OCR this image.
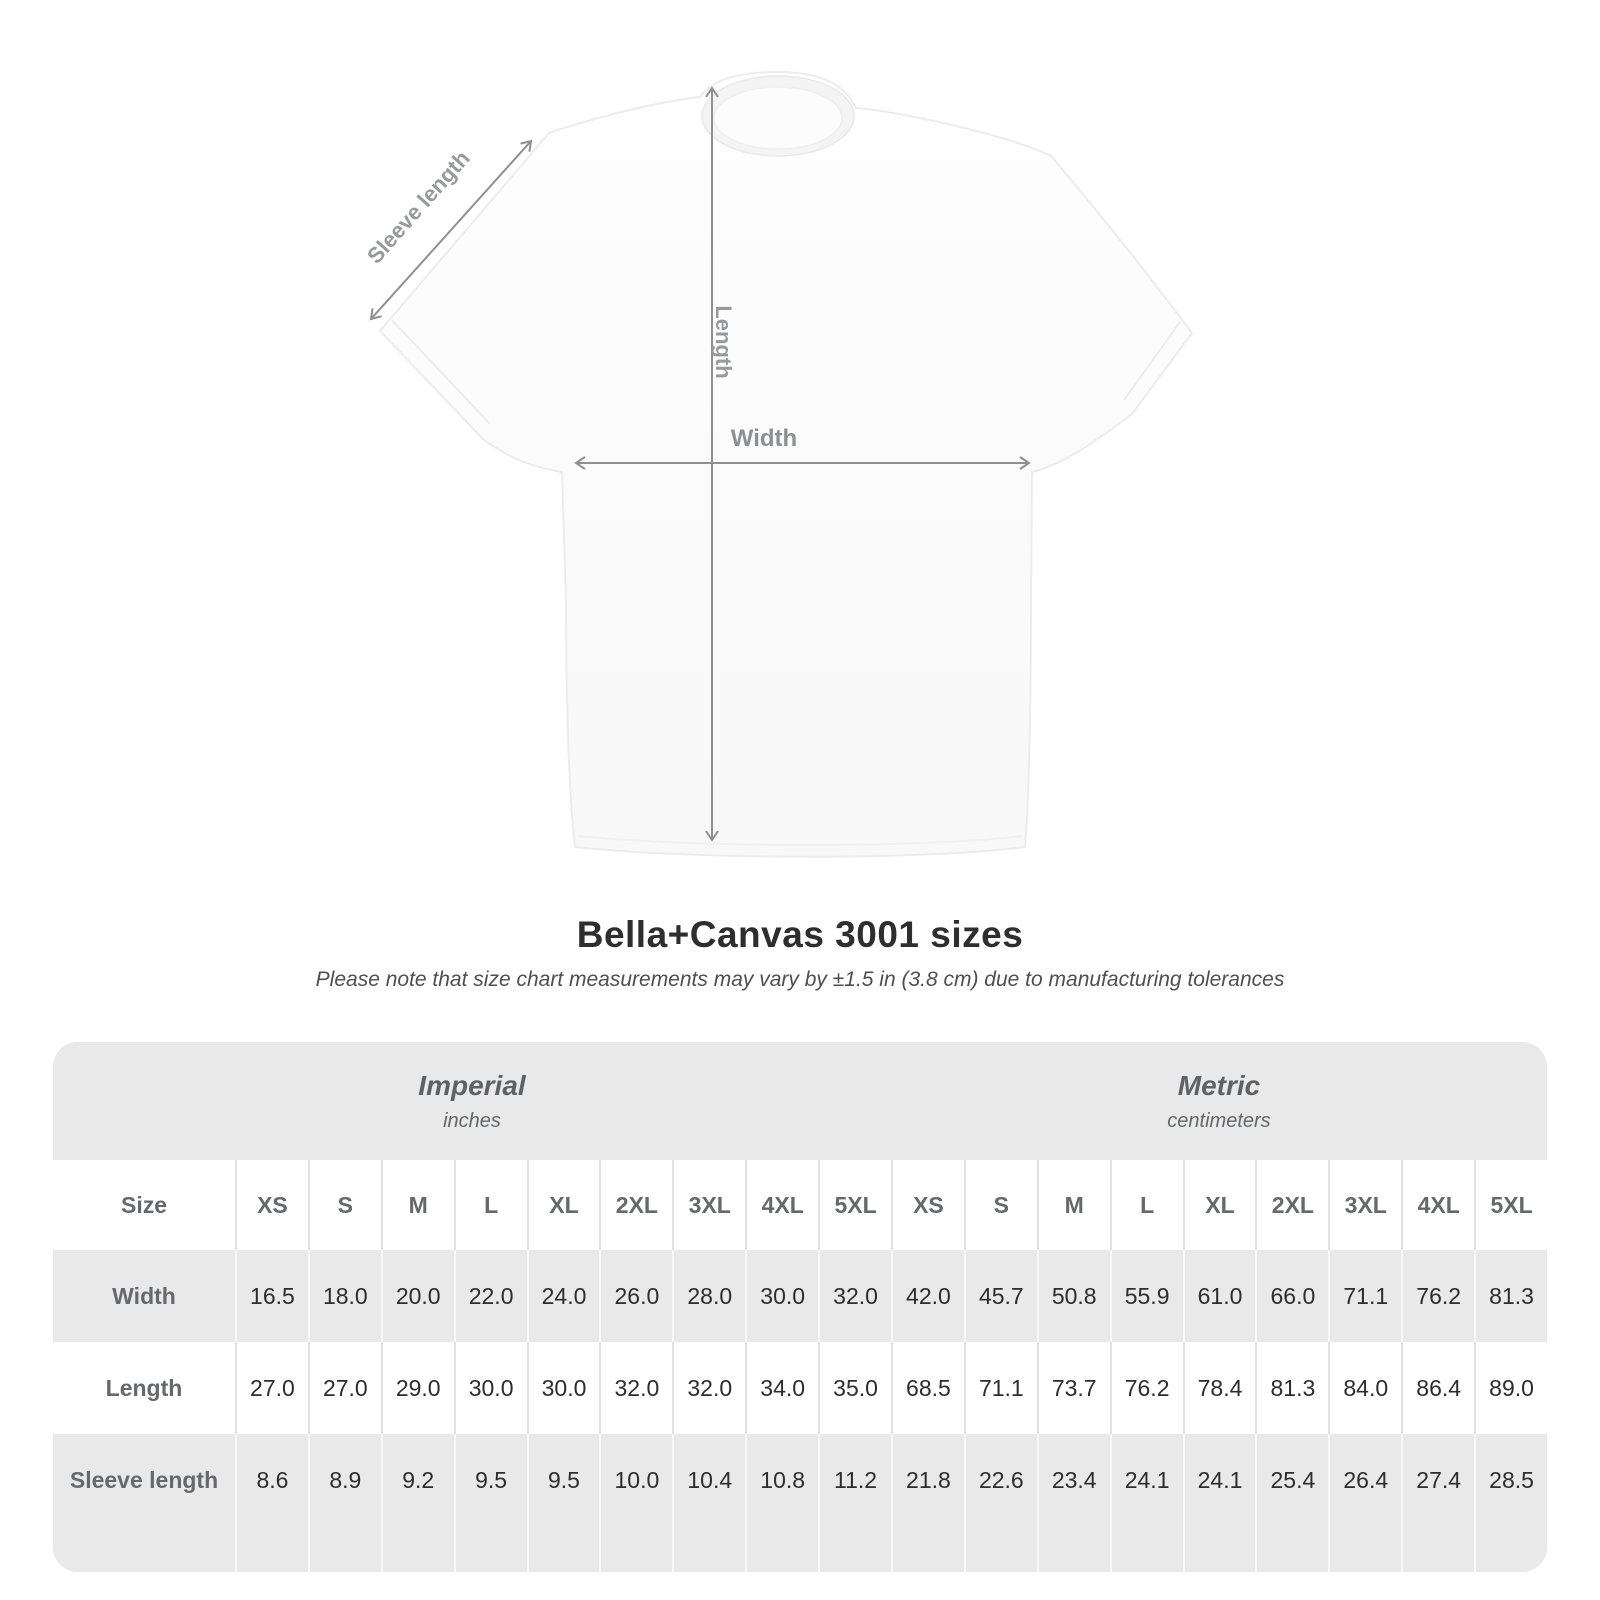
Sleeve length
Length
Width
Bella+Canvas 3001 sizes

Please note that size chart measurements may vary by ±1.5 in (3.8 cm) due to manufacturing tolerances

Imperial
inches
Metric
centimeters
Size	XS	S	M	L	XL	2XL	3XL	4XL	5XL	XS	S	M	L	XL	2XL	3XL	4XL	5XL
Width	16.5	18.0	20.0	22.0	24.0	26.0	28.0	30.0	32.0	42.0	45.7	50.8	55.9	61.0	66.0	71.1	76.2	81.3
Length	27.0	27.0	29.0	30.0	30.0	32.0	32.0	34.0	35.0	68.5	71.1	73.7	76.2	78.4	81.3	84.0	86.4	89.0
Sleeve length	8.6	8.9	9.2	9.5	9.5	10.0	10.4	10.8	11.2	21.8	22.6	23.4	24.1	24.1	25.4	26.4	27.4	28.5
